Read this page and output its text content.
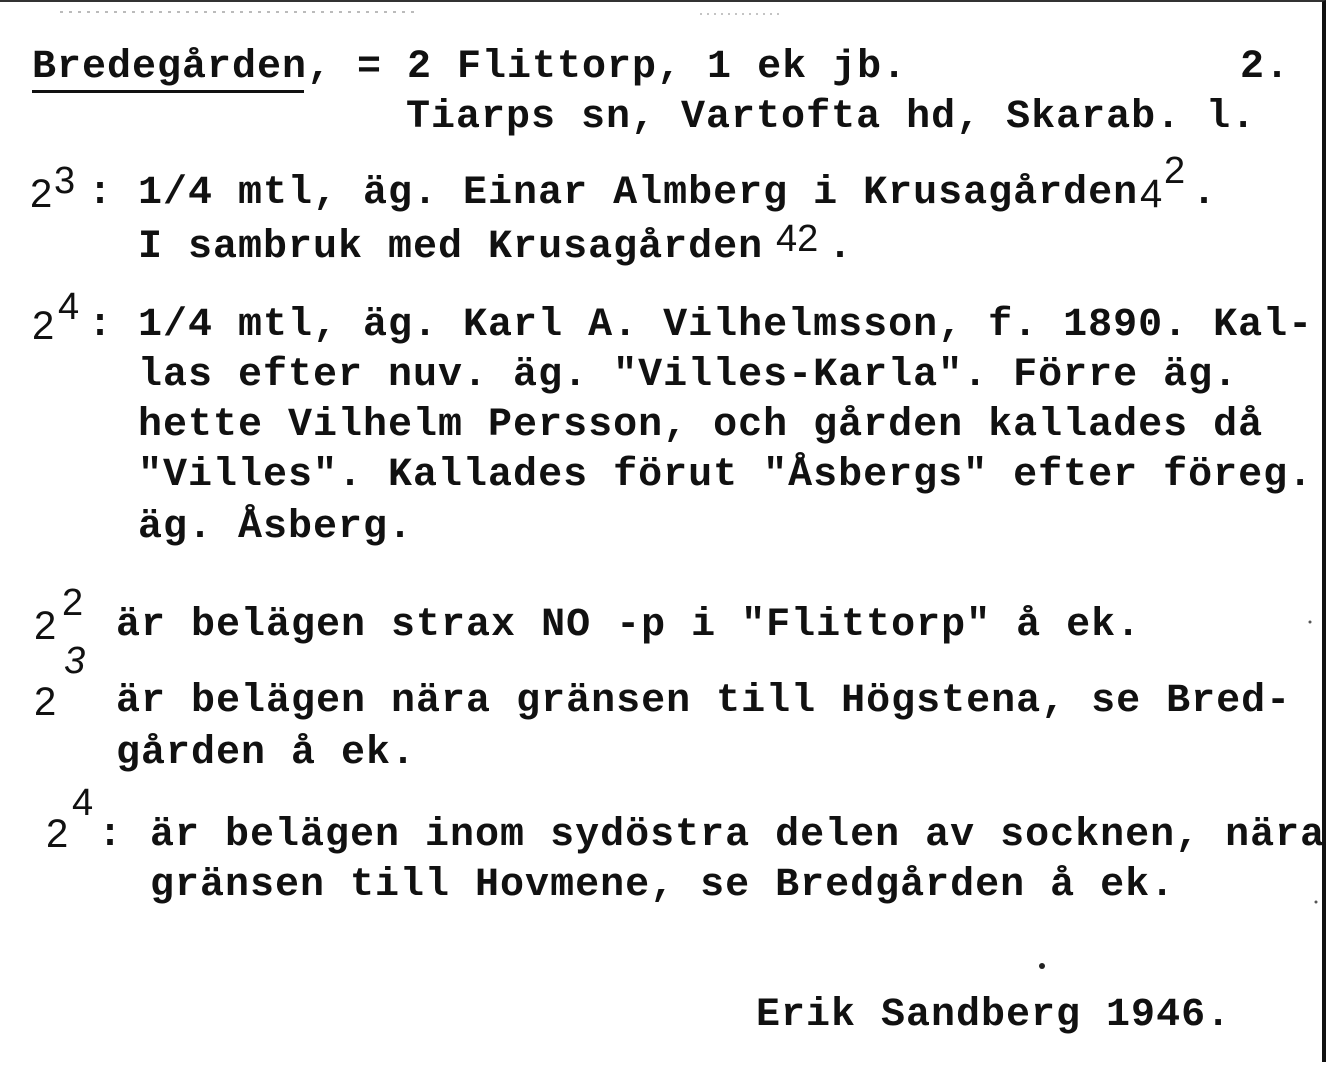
Bredegården, = 2 Flittorp, 1 ek jb.	2.
Tiarps sn, Vartofta hd, Skarab. l.
2 3 : 1/4 mtl, äg. Einar Almberg i Krusagården 4
2 .
I sambruk med Krusagården 42 .
2 4 : 1/4 mtl, äg. Karl A. Vilhelmsson, f. 1890. Kal-
las efter nuv. äg. "Villes-Karla". Förre äg.
hette Vilhelm Persson, och gården kallades då
"Villes". Kallades förut "Åsbergs" efter föreg.
äg. Åsberg.
2
2 är belägen strax NO -p i "Flittorp" å ek.
2
3
är belägen nära gränsen till Högstena, se Bred-
gården å ek.
2
4
: är belägen inom sydöstra delen av socknen, nära
gränsen till Hovmene, se Bredgården å ek.
Erik Sandberg 1946.
